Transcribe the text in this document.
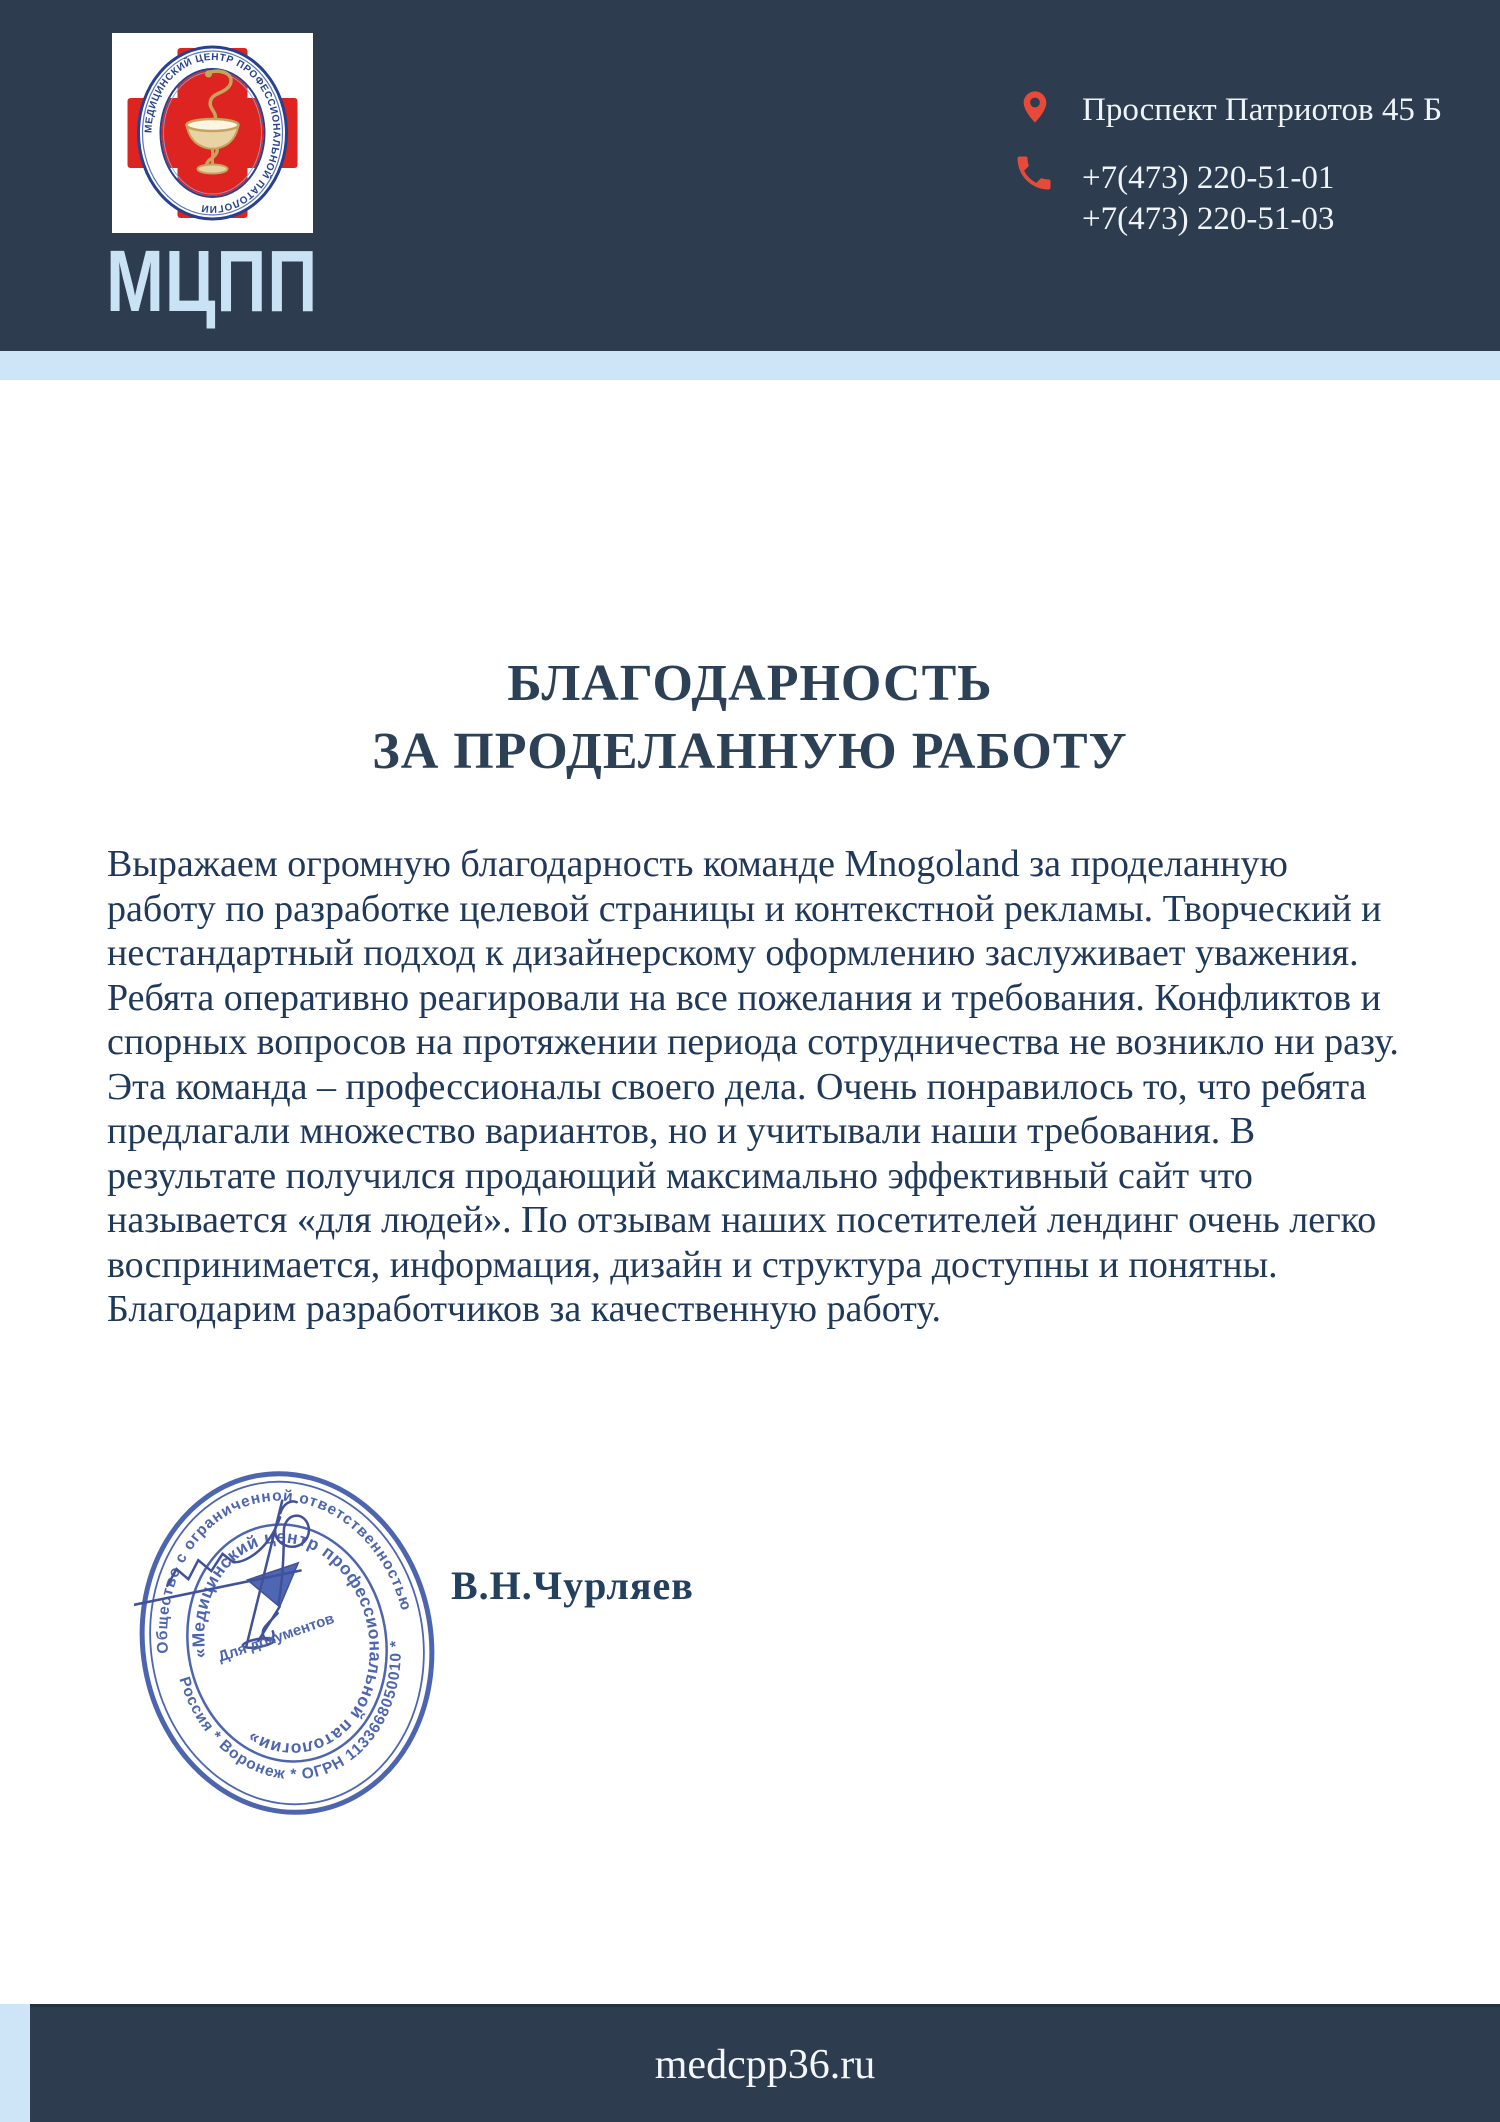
МЕДИЦИНСКИЙ ЦЕНТР ПРОФЕССИОНАЛЬНОЙ ПАТОЛОГИИ
МЦПП
Проспект Патриотов 45 Б
+7(473) 220-51-01
+7(473) 220-51-03
БЛАГОДАРНОСТЬ
ЗА ПРОДЕЛАННУЮ РАБОТУ

Выражаем огромную благодарность команде Mnogoland за проделанную работу по разработке целевой страницы и контекстной рекламы. Творческий и нестандартный подход к дизайнерскому оформлению заслуживает уважения. Ребята оперативно реагировали на все пожелания и требования. Конфликтов и спорных вопросов на протяжении периода сотрудничества не возникло ни разу. Эта команда – профессионалы своего дела. Очень понравилось то, что ребята предлагали множество вариантов, но и учитывали наши требования. В результате получился продающий максимально эффективный сайт что называется «для людей». По отзывам наших посетителей лендинг очень легко воспринимается, информация, дизайн и структура доступны и понятны. Благодарим разработчиков за качественную работу.

Общество с ограниченной ответственностью
Россия * Воронеж * ОГРН 1133668050010 *
«Медицинский центр профессиональной патологии»
Для документов
В.Н.Чурляев
medcpp36.ru
